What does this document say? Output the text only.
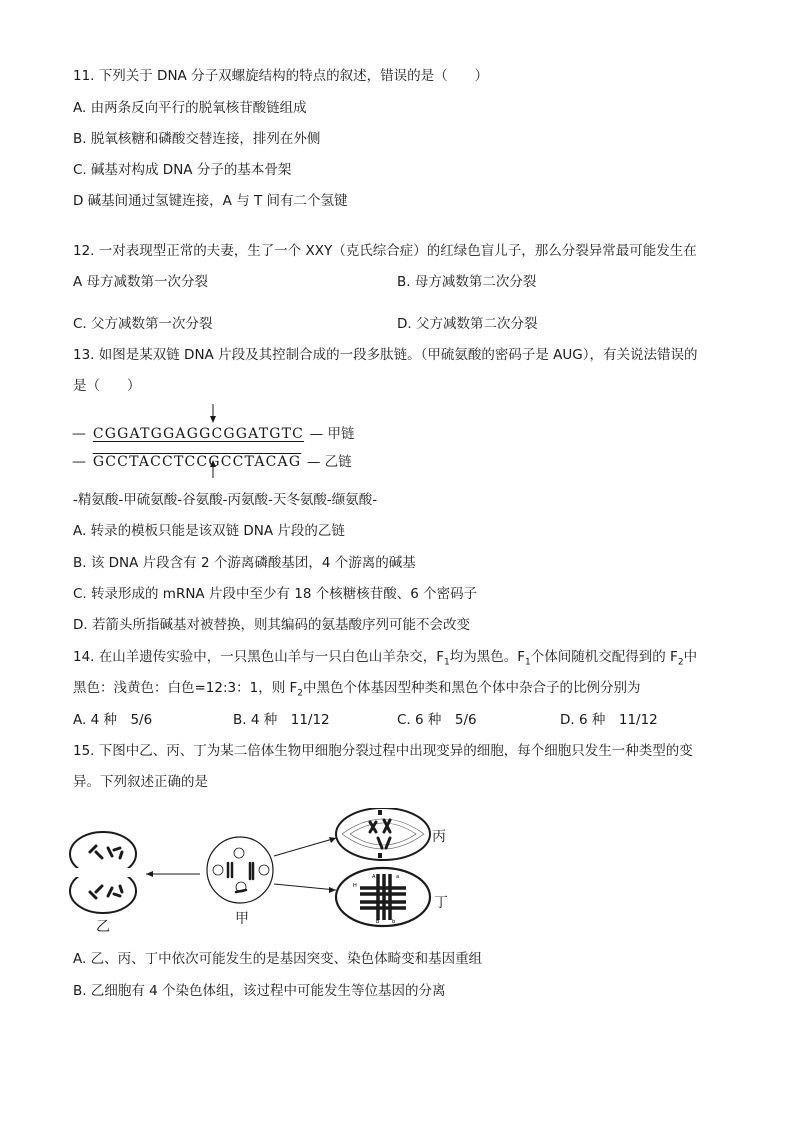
11. 下列关于 DNA 分子双螺旋结构的特点的叙述，错误的是（　　）
A. 由两条反向平行的脱氧核苷酸链组成
B. 脱氧核糖和磷酸交替连接，排列在外侧
C. 碱基对构成 DNA 分子的基本骨架
D 碱基间通过氢键连接，A 与 T 间有二个氢键
12. 一对表现型正常的夫妻，生了一个 XXY（克氏综合症）的红绿色盲儿子，那么分裂异常最可能发生在
A 母方减数第一次分裂	B. 母方减数第二次分裂
C. 父方减数第一次分裂	D. 父方减数第二次分裂
13. 如图是某双链 DNA 片段及其控制合成的一段多肽链。（甲硫氨酸的密码子是 AUG），有关说法错误的
是（　　）
— CGGATGGAGGCGGATGTC — 甲链
— GCCTACCTCCGCCTACAG — 乙链
-精氨酸-甲硫氨酸-谷氨酸-丙氨酸-天冬氨酸-缬氨酸-
A. 转录的模板只能是该双链 DNA 片段的乙链
B. 该 DNA 片段含有 2 个游离磷酸基团，4 个游离的碱基
C. 转录形成的 mRNA 片段中至少有 18 个核糖核苷酸、6 个密码子
D. 若箭头所指碱基对被替换，则其编码的氨基酸序列可能不会改变
14. 在山羊遗传实验中，一只黑色山羊与一只白色山羊杂交，$F_1$均为黑色。$F_1$个体间随机交配得到的 $F_2$中
黑色：浅黄色：白色=12:3：1，则 $F_2$中黑色个体基因型种类和黑色个体中杂合子的比例分别为
A. 4 种　5/6	B. 4 种　11/12	C. 6 种　5/6	D. 6 种　11/12
15. 下图中乙、丙、丁为某二倍体生物甲细胞分裂过程中出现变异的细胞，每个细胞只发生一种类型的变
异。下列叙述正确的是
H
A	a
B	b
乙	甲
丙
丁
A. 乙、丙、丁中依次可能发生的是基因突变、染色体畸变和基因重组
B. 乙细胞有 4 个染色体组，该过程中可能发生等位基因的分离
